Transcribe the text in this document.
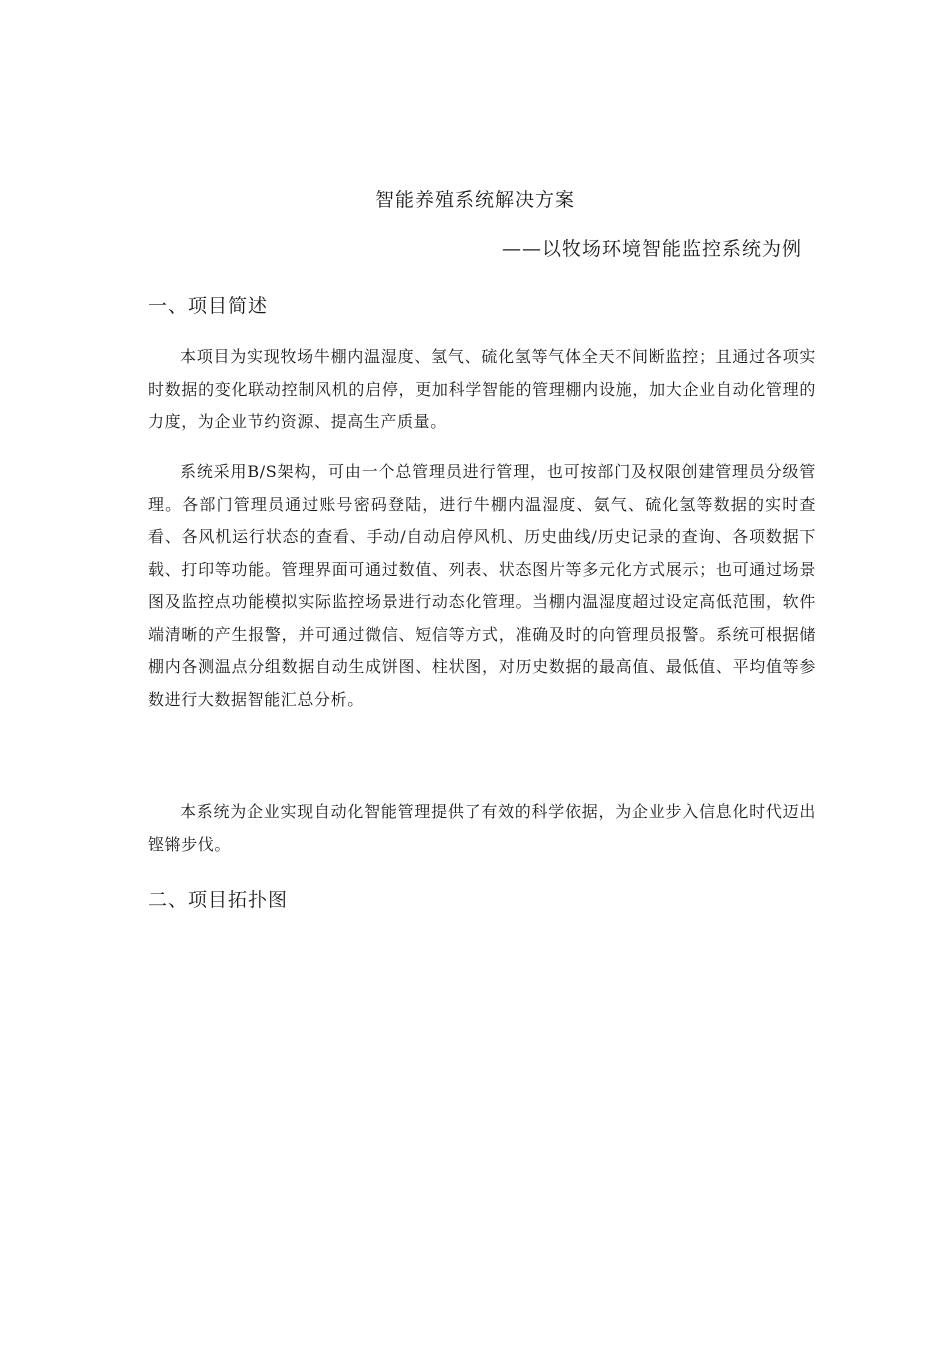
智能养殖系统解决方案
——以牧场环境智能监控系统为例
一、项目简述

本项目为实现牧场牛棚内温湿度、氢气、硫化氢等气体全天不间断监控；且通过各项实时数据的变化联动控制风机的启停，更加科学智能的管理棚内设施，加大企业自动化管理的力度，为企业节约资源、提高生产质量。

系统采用B/S架构，可由一个总管理员进行管理，也可按部门及权限创建管理员分级管理。各部门管理员通过账号密码登陆，进行牛棚内温湿度、氨气、硫化氢等数据的实时查看、各风机运行状态的查看、手动/自动启停风机、历史曲线/历史记录的查询、各项数据下载、打印等功能。管理界面可通过数值、列表、状态图片等多元化方式展示；也可通过场景图及监控点功能模拟实际监控场景进行动态化管理。当棚内温湿度超过设定高低范围，软件端清晰的产生报警，并可通过微信、短信等方式，准确及时的向管理员报警。系统可根据储棚内各测温点分组数据自动生成饼图、柱状图，对历史数据的最高值、最低值、平均值等参数进行大数据智能汇总分析。

本系统为企业实现自动化智能管理提供了有效的科学依据，为企业步入信息化时代迈出铿锵步伐。

二、项目拓扑图
